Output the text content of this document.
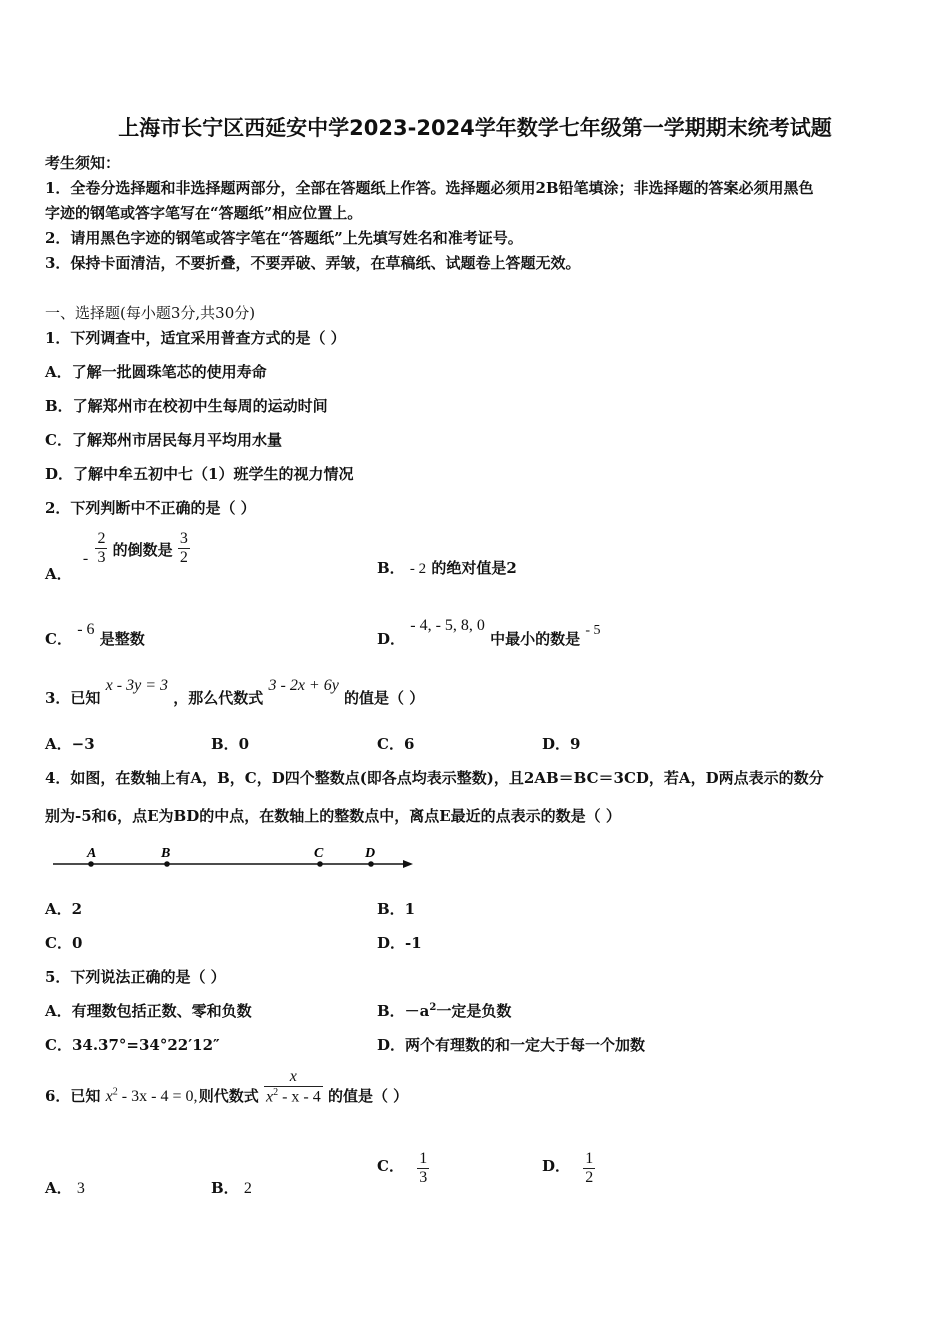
上海市长宁区西延安中学2023-2024学年数学七年级第一学期期末统考试题
考生须知：
1．全卷分选择题和非选择题两部分，全部在答题纸上作答。选择题必须用2B铅笔填涂；非选择题的答案必须用黑色
字迹的钢笔或答字笔写在“答题纸”相应位置上。
2．请用黑色字迹的钢笔或答字笔在“答题纸”上先填写姓名和准考证号。
3．保持卡面清洁，不要折叠，不要弄破、弄皱，在草稿纸、试题卷上答题无效。
一、选择题(每小题3分,共30分)
1．下列调查中，适宜采用普查方式的是（ ）
A．了解一批圆珠笔芯的使用寿命
B．了解郑州市在校初中生每周的运动时间
C．了解郑州市居民每月平均用水量
D．了解中牟五初中七（1）班学生的视力情况
2．下列判断中不正确的是（ ）
A． - $\frac{2}{3}$ 的倒数是 $\frac{3}{2}$
B． - 2 的绝对值是2
C． - 6 是整数	D． - 4, - 5, 8, 0 中最小的数是 - 5
3．已知 x - 3y = 3 ，那么代数式 3 - 2x + 6y 的值是（ ）
A．−3	B．0	C．6	D．9
4．如图，在数轴上有A，B，C，D四个整数点(即各点均表示整数)，且2AB＝BC＝3CD，若A，D两点表示的数分
别为-5和6，点E为BD的中点，在数轴上的整数点中，离点E最近的点表示的数是（ ）
A	B	C	D
A．2	B．1
C．0	D．-1
5．下列说法正确的是（ ）
A．有理数包括正数、零和负数	B．$-a^2$一定是负数
C．34.37°=34°22′12″	D．两个有理数的和一定大于每一个加数
6．已知 $x^2 - 3x - 4 = 0$, 则代数式 $\frac{x}{x^2 - x - 4}$ 的值是（ ）
A． 3	B． 2
C． $\frac{1}{3}$	D． $\frac{1}{2}$
